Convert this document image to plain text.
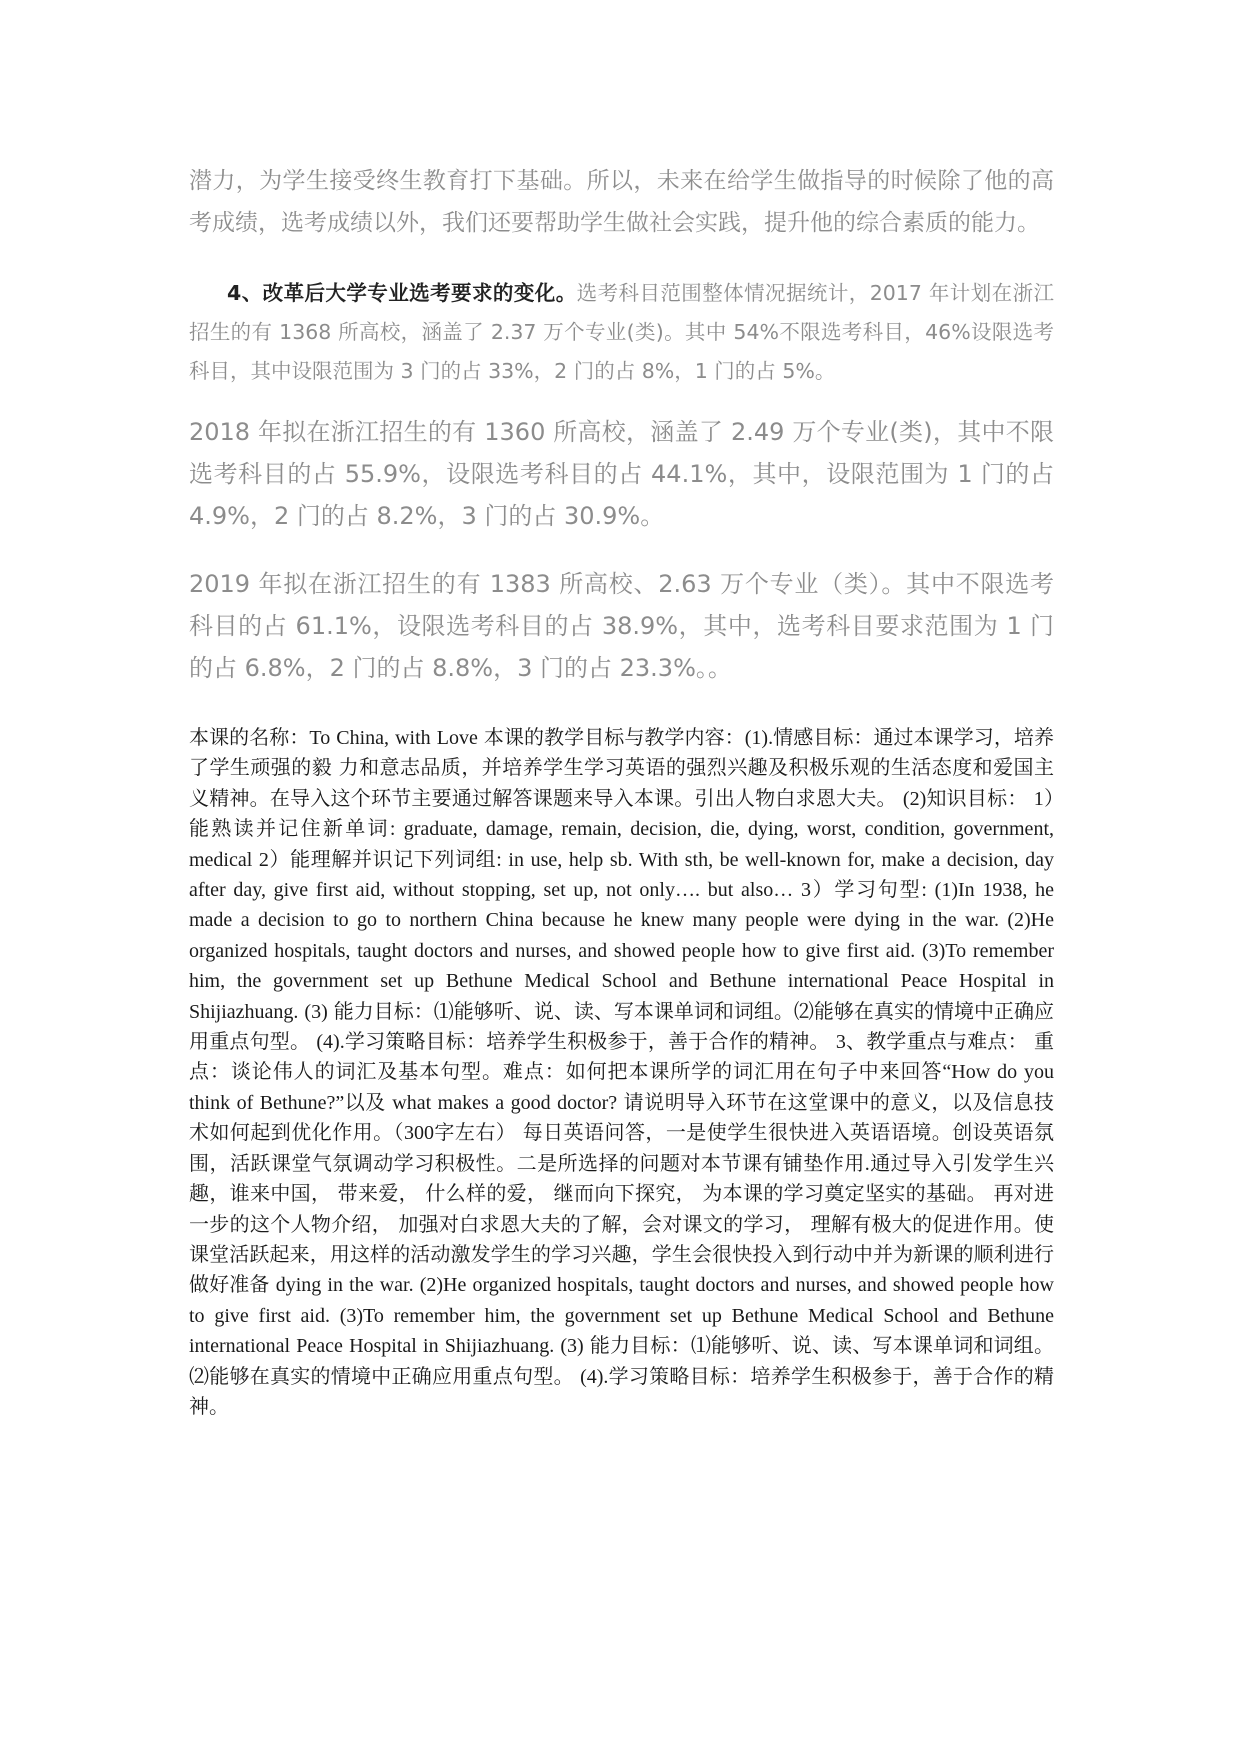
潜力，为学生接受终生教育打下基础。所以，未来在给学生做指导的时候除了他的高考成绩，选考成绩以外，我们还要帮助学生做社会实践，提升他的综合素质的能力。

4、改革后大学专业选考要求的变化。选考科目范围整体情况据统计，2017 年计划在浙江招生的有 1368 所高校，涵盖了 2.37 万个专业(类)。其中 54%不限选考科目，46%设限选考科目，其中设限范围为 3 门的占 33%，2 门的占 8%，1 门的占 5%。

2018 年拟在浙江招生的有 1360 所高校，涵盖了 2.49 万个专业(类)，其中不限选考科目的占 55.9%，设限选考科目的占 44.1%，其中，设限范围为 1 门的占 4.9%，2 门的占 8.2%，3 门的占 30.9%。

2019 年拟在浙江招生的有 1383 所高校、2.63 万个专业（类）。其中不限选考科目的占 61.1%，设限选考科目的占 38.9%，其中，选考科目要求范围为 1 门的占 6.8%，2 门的占 8.8%，3 门的占 23.3%。。

本课的名称：To China, with Love 本课的教学目标与教学内容：(1).情感目标：通过本课学习，培养了学生顽强的毅 力和意志品质，并培养学生学习英语的强烈兴趣及积极乐观的生活态度和爱国主义精神。在导入这个环节主要通过解答课题来导入本课。引出人物白求恩大夫。 (2)知识目标： 1）能熟读并记住新单词: graduate, damage, remain, decision, die, dying, worst, condition, government, medical 2）能理解并识记下列词组: in use, help sb. With sth, be well-known for, make a decision, day after day, give first aid, without stopping, set up, not only…. but also… 3）学习句型: (1)In 1938, he made a decision to go to northern China because he knew many people were dying in the war. (2)He organized hospitals, taught doctors and nurses, and showed people how to give first aid. (3)To remember him, the government set up Bethune Medical School and Bethune international Peace Hospital in Shijiazhuang. (3) 能力目标：⑴能够听、说、读、写本课单词和词组。⑵能够在真实的情境中正确应用重点句型。 (4).学习策略目标：培养学生积极参于，善于合作的精神。 3、教学重点与难点： 重点：谈论伟人的词汇及基本句型。难点：如何把本课所学的词汇用在句子中来回答“How do you think of Bethune?”以及 what makes a good doctor? 请说明导入环节在这堂课中的意义，以及信息技术如何起到优化作用。（300字左右） 每日英语问答，一是使学生很快进入英语语境。创设英语氛围，活跃课堂气氛调动学习积极性。二是所选择的问题对本节课有铺垫作用.通过导入引发学生兴趣，谁来中国， 带来爱， 什么样的爱， 继而向下探究， 为本课的学习奠定坚实的基础。 再对进一步的这个人物介绍， 加强对白求恩大夫的了解，会对课文的学习， 理解有极大的促进作用。使课堂活跃起来，用这样的活动激发学生的学习兴趣，学生会很快投入到行动中并为新课的顺利进行做好准备 dying in the war. (2)He organized hospitals, taught doctors and nurses, and showed people how to give first aid. (3)To remember him, the government set up Bethune Medical School and Bethune international Peace Hospital in Shijiazhuang. (3) 能力目标：⑴能够听、说、读、写本课单词和词组。⑵能够在真实的情境中正确应用重点句型。 (4).学习策略目标：培养学生积极参于，善于合作的精神。
